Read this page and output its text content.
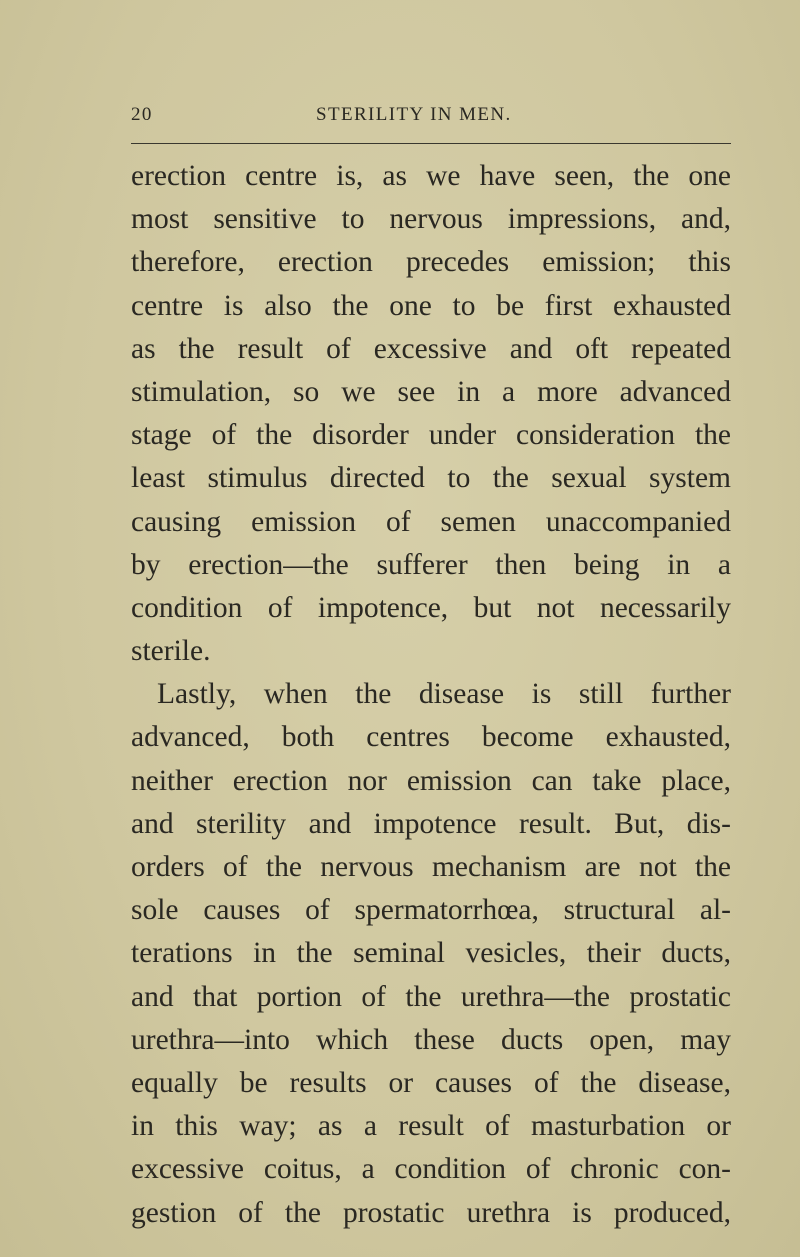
20	STERILITY IN MEN.
erection centre is, as we have seen, the one
most sensitive to nervous impressions, and,
therefore, erection precedes emission; this
centre is also the one to be first exhausted
as the result of excessive and oft repeated
stimulation, so we see in a more advanced
stage of the disorder under consideration the
least stimulus directed to the sexual system
causing emission of semen unaccompanied
by erection—the sufferer then being in a
condition of impotence, but not necessarily
sterile.
Lastly, when the disease is still further
advanced, both centres become exhausted,
neither erection nor emission can take place,
and sterility and impotence result. But, dis-
orders of the nervous mechanism are not the
sole causes of spermatorrhœa, structural al-
terations in the seminal vesicles, their ducts,
and that portion of the urethra—the prostatic
urethra—into which these ducts open, may
equally be results or causes of the disease,
in this way; as a result of masturbation or
excessive coitus, a condition of chronic con-
gestion of the prostatic urethra is produced,
